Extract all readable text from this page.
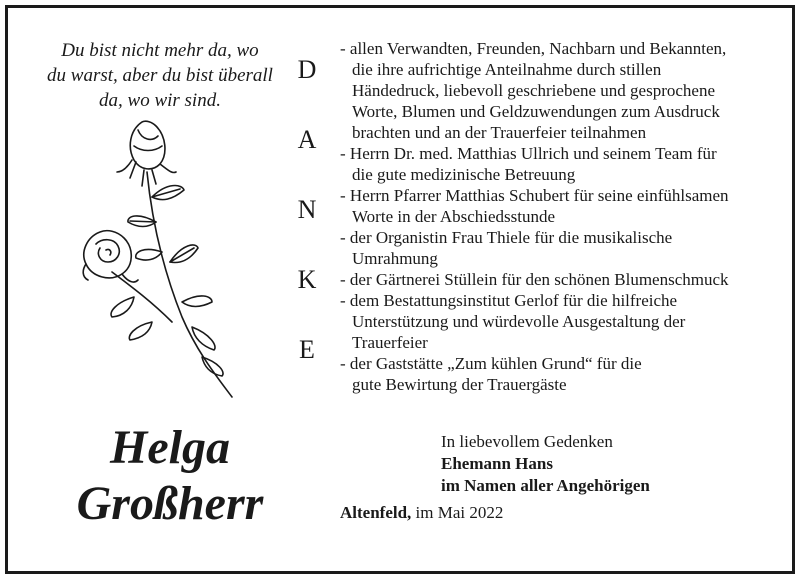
Du bist nicht mehr da, wo
du warst, aber du bist überall
da, wo wir sind.
D
A
N
K
E
Helga
Großherr
- allen Verwandten, Freunden, Nachbarn und Bekannten,
die ihre aufrichtige Anteilnahme durch stillen
Händedruck, liebevoll geschriebene und gesprochene
Worte, Blumen und Geldzuwendungen zum Ausdruck
brachten und an der Trauerfeier teilnahmen
- Herrn Dr. med. Matthias Ullrich und seinem Team für
die gute medizinische Betreuung
- Herrn Pfarrer Matthias Schubert für seine einfühlsamen
Worte in der Abschiedsstunde
- der Organistin Frau Thiele für die musikalische
Umrahmung
- der Gärtnerei Stüllein für den schönen Blumenschmuck
- dem Bestattungsinstitut Gerlof für die hilfreiche
Unterstützung und würdevolle Ausgestaltung der
Trauerfeier
- der Gaststätte „Zum kühlen Grund“ für die
gute Bewirtung der Trauergäste
In liebevollem Gedenken
Ehemann Hans
im Namen aller Angehörigen
Altenfeld, im Mai 2022
